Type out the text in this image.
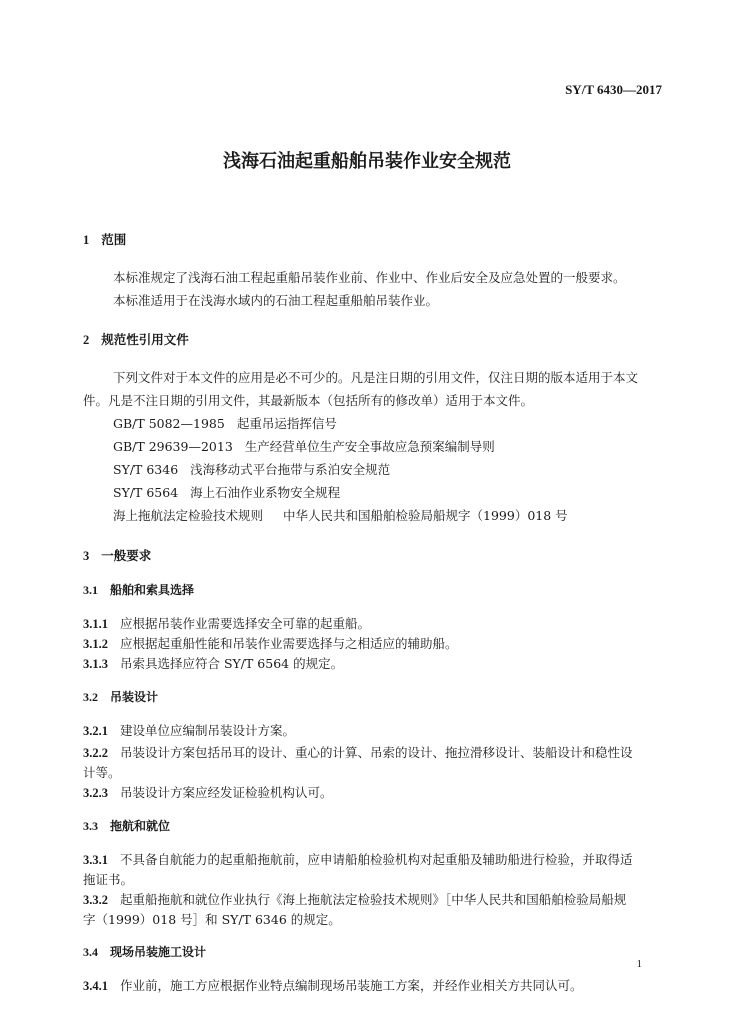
SY/T 6430—2017
浅海石油起重船舶吊装作业安全规范
1 范围
本标准规定了浅海石油工程起重船吊装作业前、作业中、作业后安全及应急处置的一般要求。
本标准适用于在浅海水域内的石油工程起重船舶吊装作业。
2 规范性引用文件
下列文件对于本文件的应用是必不可少的。凡是注日期的引用文件，仅注日期的版本适用于本文
件。凡是不注日期的引用文件，其最新版本（包括所有的修改单）适用于本文件。
GB/T 5082—1985 起重吊运指挥信号
GB/T 29639—2013 生产经营单位生产安全事故应急预案编制导则
SY/T 6346 浅海移动式平台拖带与系泊安全规范
SY/T 6564 海上石油作业系物安全规程
海上拖航法定检验技术规则 中华人民共和国船舶检验局船规字（1999）018 号
3 一般要求
3.1 船舶和索具选择
3.1.1 应根据吊装作业需要选择安全可靠的起重船。
3.1.2 应根据起重船性能和吊装作业需要选择与之相适应的辅助船。
3.1.3 吊索具选择应符合 SY/T 6564 的规定。
3.2 吊装设计
3.2.1 建设单位应编制吊装设计方案。
3.2.2 吊装设计方案包括吊耳的设计、重心的计算、吊索的设计、拖拉滑移设计、装船设计和稳性设
计等。
3.2.3 吊装设计方案应经发证检验机构认可。
3.3 拖航和就位
3.3.1 不具备自航能力的起重船拖航前，应申请船舶检验机构对起重船及辅助船进行检验，并取得适
拖证书。
3.3.2 起重船拖航和就位作业执行《海上拖航法定检验技术规则》［中华人民共和国船舶检验局船规
字（1999）018 号］和 SY/T 6346 的规定。
3.4 现场吊装施工设计
3.4.1 作业前，施工方应根据作业特点编制现场吊装施工方案，并经作业相关方共同认可。
1
